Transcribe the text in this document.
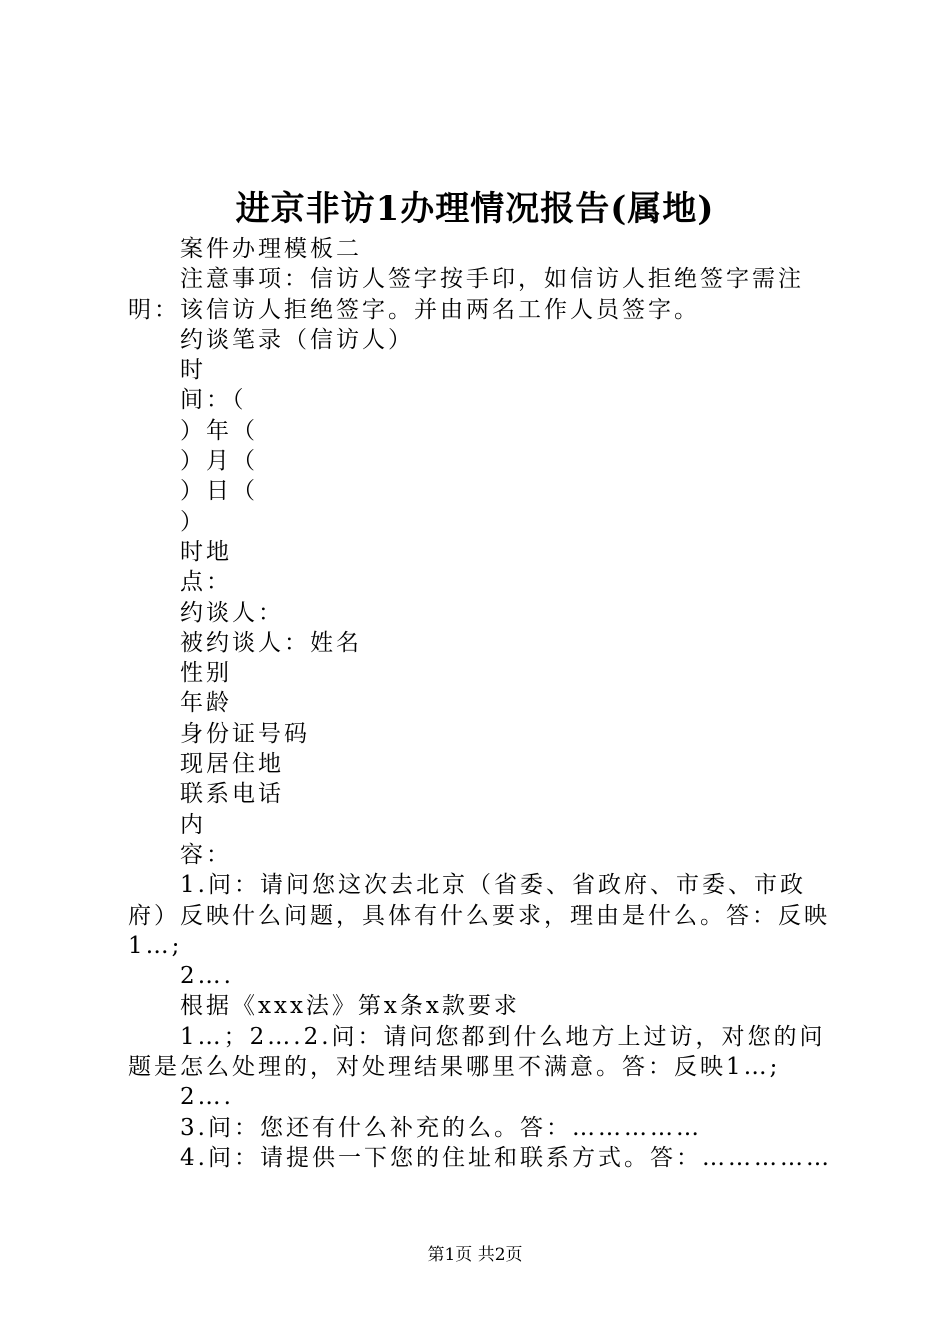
进京非访1办理情况报告(属地)

案件办理模板二

注意事项：信访人签字按手印，如信访人拒绝签字需注明：该信访人拒绝签字。并由两名工作人员签字。

约谈笔录（信访人）

时

间：（

）年（

）月（

）日（

）

时地

点：

约谈人：

被约谈人：姓名

性别

年龄

身份证号码

现居住地

联系电话

内

容：

1.问：请问您这次去北京（省委、省政府、市委、市政府）反映什么问题，具体有什么要求，理由是什么。答：反映1…;

2….

根据《xxx法》第x条x款要求

1…；2….2.问：请问您都到什么地方上过访，对您的问题是怎么处理的，对处理结果哪里不满意。答：反映1…;

2….

3.问：您还有什么补充的么。答：……………

4.问：请提供一下您的住址和联系方式。答：……………

第1页 共2页
